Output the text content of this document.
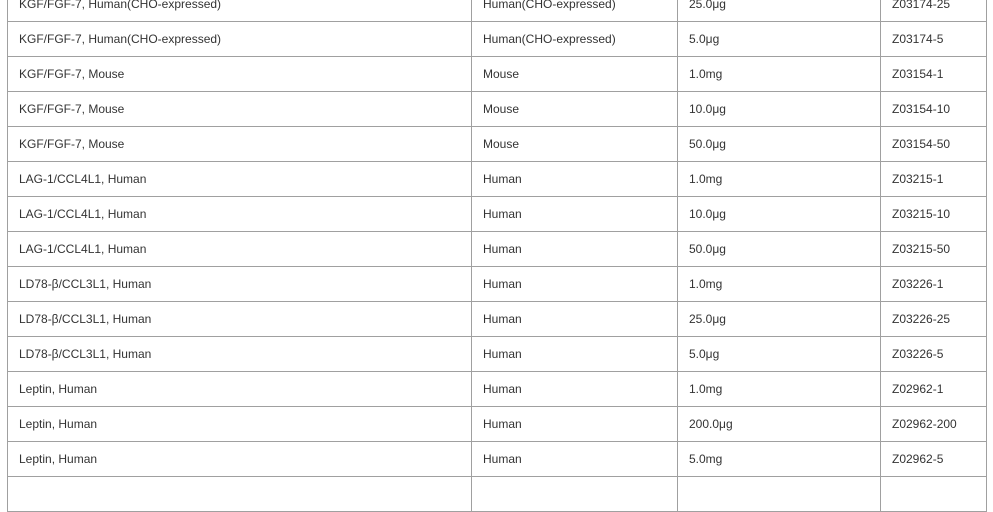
KGF/FGF-7, Human(CHO-expressed)	Human(CHO-expressed)	25.0μg	Z03174-25
KGF/FGF-7, Human(CHO-expressed)	Human(CHO-expressed)	5.0μg	Z03174-5
KGF/FGF-7, Mouse	Mouse	1.0mg	Z03154-1
KGF/FGF-7, Mouse	Mouse	10.0μg	Z03154-10
KGF/FGF-7, Mouse	Mouse	50.0μg	Z03154-50
LAG-1/CCL4L1, Human	Human	1.0mg	Z03215-1
LAG-1/CCL4L1, Human	Human	10.0μg	Z03215-10
LAG-1/CCL4L1, Human	Human	50.0μg	Z03215-50
LD78-β/CCL3L1, Human	Human	1.0mg	Z03226-1
LD78-β/CCL3L1, Human	Human	25.0μg	Z03226-25
LD78-β/CCL3L1, Human	Human	5.0μg	Z03226-5
Leptin, Human	Human	1.0mg	Z02962-1
Leptin, Human	Human	200.0μg	Z02962-200
Leptin, Human	Human	5.0mg	Z02962-5
